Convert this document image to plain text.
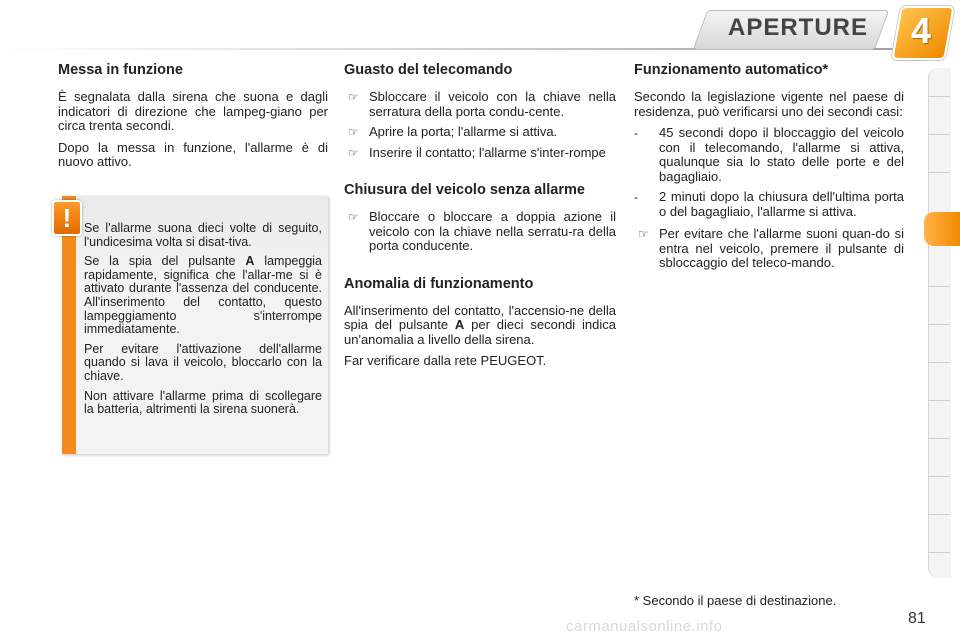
APERTURE	4
Messa in funzione

È segnalata dalla sirena che suona e dagli indicatori di direzione che lampeg-giano per circa trenta secondi.

Dopo la messa in funzione, l'allarme è di nuovo attivo.

Se l'allarme suona dieci volte di seguito, l'undicesima volta si disat-tiva.

Se la spia del pulsante A lampeggia rapidamente, significa che l'allar-me si è attivato durante l'assenza del conducente. All'inserimento del contatto, questo lampeggiamento s'interrompe immediatamente.

Per evitare l'attivazione dell'allarme quando si lava il veicolo, bloccarlo con la chiave.

Non attivare l'allarme prima di scollegare la batteria, altrimenti la sirena suonerà.

!
Guasto del telecomando
☞ Sbloccare il veicolo con la chiave nella serratura della porta condu-cente.
☞ Aprire la porta; l'allarme si attiva.
☞ Inserire il contatto; l'allarme s'inter-rompe
Chiusura del veicolo senza allarme
☞ Bloccare o bloccare a doppia azione il veicolo con la chiave nella serratu-ra della porta conducente.
Anomalia di funzionamento

All'inserimento del contatto, l'accensio-ne della spia del pulsante A per dieci secondi indica un'anomalia a livello della sirena.

Far verificare dalla rete PEUGEOT.

Funzionamento automatico*

Secondo la legislazione vigente nel paese di residenza, può verificarsi uno dei secondi casi:

- 45 secondi dopo il bloccaggio del veicolo con il telecomando, l'allarme si attiva, qualunque sia lo stato delle porte e del bagagliaio.
- 2 minuti dopo la chiusura dell'ultima porta o del bagagliaio, l'allarme si attiva.
☞ Per evitare che l'allarme suoni quan-do si entra nel veicolo, premere il pulsante di sbloccaggio del teleco-mando.
* Secondo il paese di destinazione.
carmanualsonline.info	81
